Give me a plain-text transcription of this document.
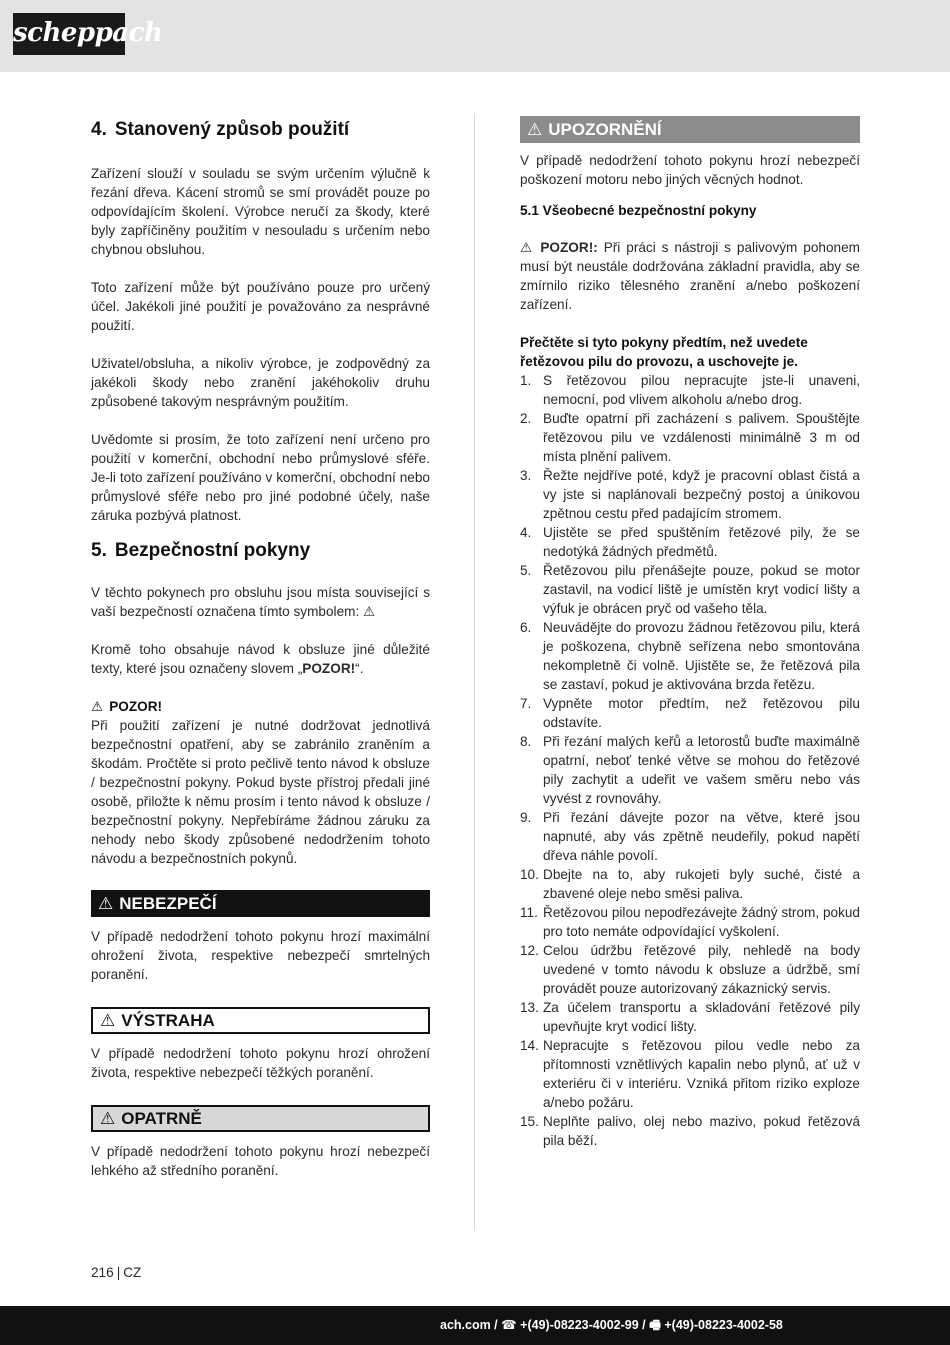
scheppach
4. Stanovený způsob použití

Zařízení slouží v souladu se svým určením výlučně k řezání dřeva. Kácení stromů se smí provádět pouze po odpovídajícím školení. Výrobce neručí za škody, které byly zapříčiněny použitím v nesouladu s určením nebo chybnou obsluhou.

Toto zařízení může být používáno pouze pro určený účel. Jakékoli jiné použití je považováno za nesprávné použití.

Uživatel/obsluha, a nikoliv výrobce, je zodpovědný za jakékoli škody nebo zranění jakéhokoliv druhu způsobené takovým nesprávným použitím.

Uvědomte si prosím, že toto zařízení není určeno pro použití v komerční, obchodní nebo průmyslové sféře. Je-li toto zařízení používáno v komerční, obchodní nebo průmyslové sféře nebo pro jiné podobné účely, naše záruka pozbývá platnost.

5. Bezpečnostní pokyny

V těchto pokynech pro obsluhu jsou místa související s vaší bezpečností označena tímto symbolem: ⚠

Kromě toho obsahuje návod k obsluze jiné důležité texty, které jsou označeny slovem „POZOR!“.

⚠ POZOR!

Při použití zařízení je nutné dodržovat jednotlivá bezpečnostní opatření, aby se zabránilo zraněním a škodám. Pročtěte si proto pečlivě tento návod k obsluze / bezpečnostní pokyny. Pokud byste přístroj předali jiné osobě, přiložte k němu prosím i tento návod k obsluze / bezpečnostní pokyny. Nepřebíráme žádnou záruku za nehody nebo škody způsobené nedodržením tohoto návodu a bezpečnostních pokynů.

⚠ NEBEZPEČÍ

V případě nedodržení tohoto pokynu hrozí maximální ohrožení života, respektive nebezpečí smrtelných poranění.

⚠ VÝSTRAHA

V případě nedodržení tohoto pokynu hrozí ohrožení života, respektive nebezpečí těžkých poranění.

⚠ OPATRNĚ

V případě nedodržení tohoto pokynu hrozí nebezpečí lehkého až středního poranění.

⚠ UPOZORNĚNÍ

V případě nedodržení tohoto pokynu hrozí nebezpečí poškození motoru nebo jiných věcných hodnot.

5.1 Všeobecné bezpečnostní pokyny

⚠ POZOR!: Při práci s nástroji s palivovým pohonem musí být neustále dodržována základní pravidla, aby se zmírnilo riziko tělesného zranění a/nebo poškození zařízení.

Přečtěte si tyto pokyny předtím, než uvedete řetězovou pilu do provozu, a uschovejte je.
1. S řetězovou pilou nepracujte jste-li unaveni, nemocní, pod vlivem alkoholu a/nebo drog.
2. Buďte opatrní při zacházení s palivem. Spouštějte řetězovou pilu ve vzdálenosti minimálně 3 m od místa plnění palivem.
3. Řežte nejdříve poté, když je pracovní oblast čistá a vy jste si naplánovali bezpečný postoj a únikovou zpětnou cestu před padajícím stromem.
4. Ujistěte se před spuštěním řetězové pily, že se nedotýká žádných předmětů.
5. Řetězovou pilu přenášejte pouze, pokud se motor zastavil, na vodicí liště je umístěn kryt vodicí lišty a výfuk je obrácen pryč od vašeho těla.
6. Neuvádějte do provozu žádnou řetězovou pilu, která je poškozena, chybně seřízena nebo smontována nekompletně či volně. Ujistěte se, že řetězová pila se zastaví, pokud je aktivována brzda řetězu.
7. Vypněte motor předtím, než řetězovou pilu odstavíte.
8. Při řezání malých keřů a letorostů buďte maximálně opatrní, neboť tenké větve se mohou do řetězové pily zachytit a udeřit ve vašem směru nebo vás vyvést z rovnováhy.
9. Při řezání dávejte pozor na větve, které jsou napnuté, aby vás zpětně neudeřily, pokud napětí dřeva náhle povolí.
10. Dbejte na to, aby rukojeti byly suché, čisté a zbavené oleje nebo směsi paliva.
11. Řetězovou pilou nepodřezávejte žádný strom, pokud pro toto nemáte odpovídající vyškolení.
12. Celou údržbu řetězové pily, nehledě na body uvedené v tomto návodu k obsluze a údržbě, smí provádět pouze autorizovaný zákaznický servis.
13. Za účelem transportu a skladování řetězové pily upevňujte kryt vodicí lišty.
14. Nepracujte s řetězovou pilou vedle nebo za přítomnosti vznětlivých kapalin nebo plynů, ať už v exteriéru či v interiéru. Vzniká přitom riziko exploze a/nebo požáru.
15. Neplňte palivo, olej nebo mazivo, pokud řetězová pila běží.
216 | CZ
ach.com / ☎ +(49)-08223-4002-99 / 🖷 +(49)-08223-4002-58
